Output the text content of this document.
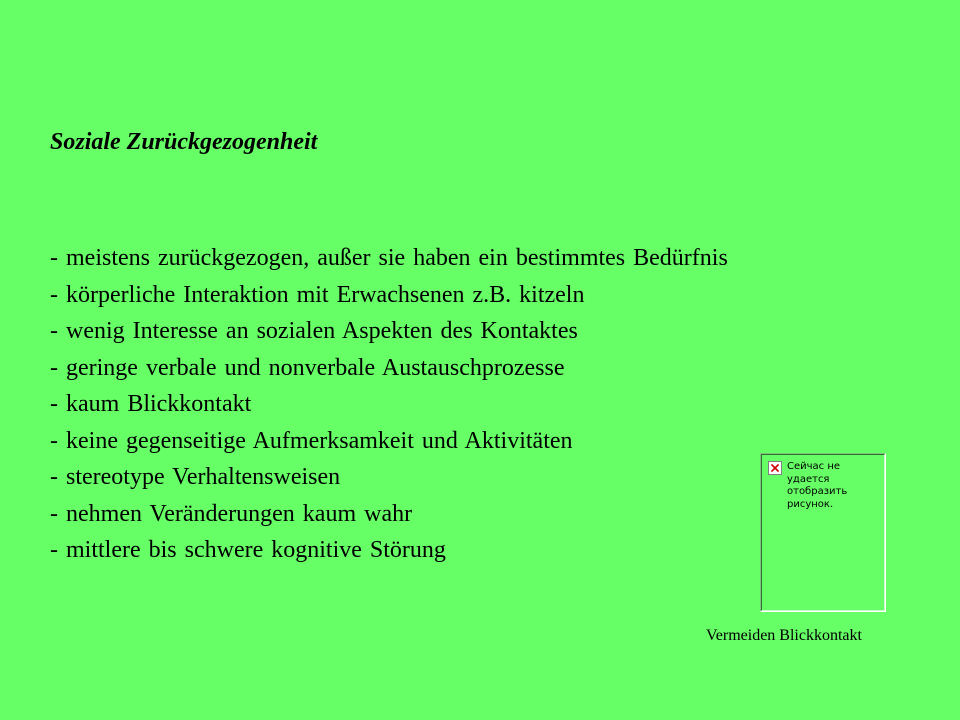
Soziale Zurückgezogenheit
- meistens zurückgezogen, außer sie haben ein bestimmtes Bedürfnis
- körperliche Interaktion mit Erwachsenen z.B. kitzeln
- wenig Interesse an sozialen Aspekten des Kontaktes
- geringe verbale und nonverbale Austauschprozesse
- kaum Blickkontakt
- keine gegenseitige Aufmerksamkeit und Aktivitäten
- stereotype Verhaltensweisen
- nehmen Veränderungen kaum wahr
- mittlere bis schwere kognitive Störung
Сейчас не удается отобразить рисунок.
Vermeiden Blickkontakt
